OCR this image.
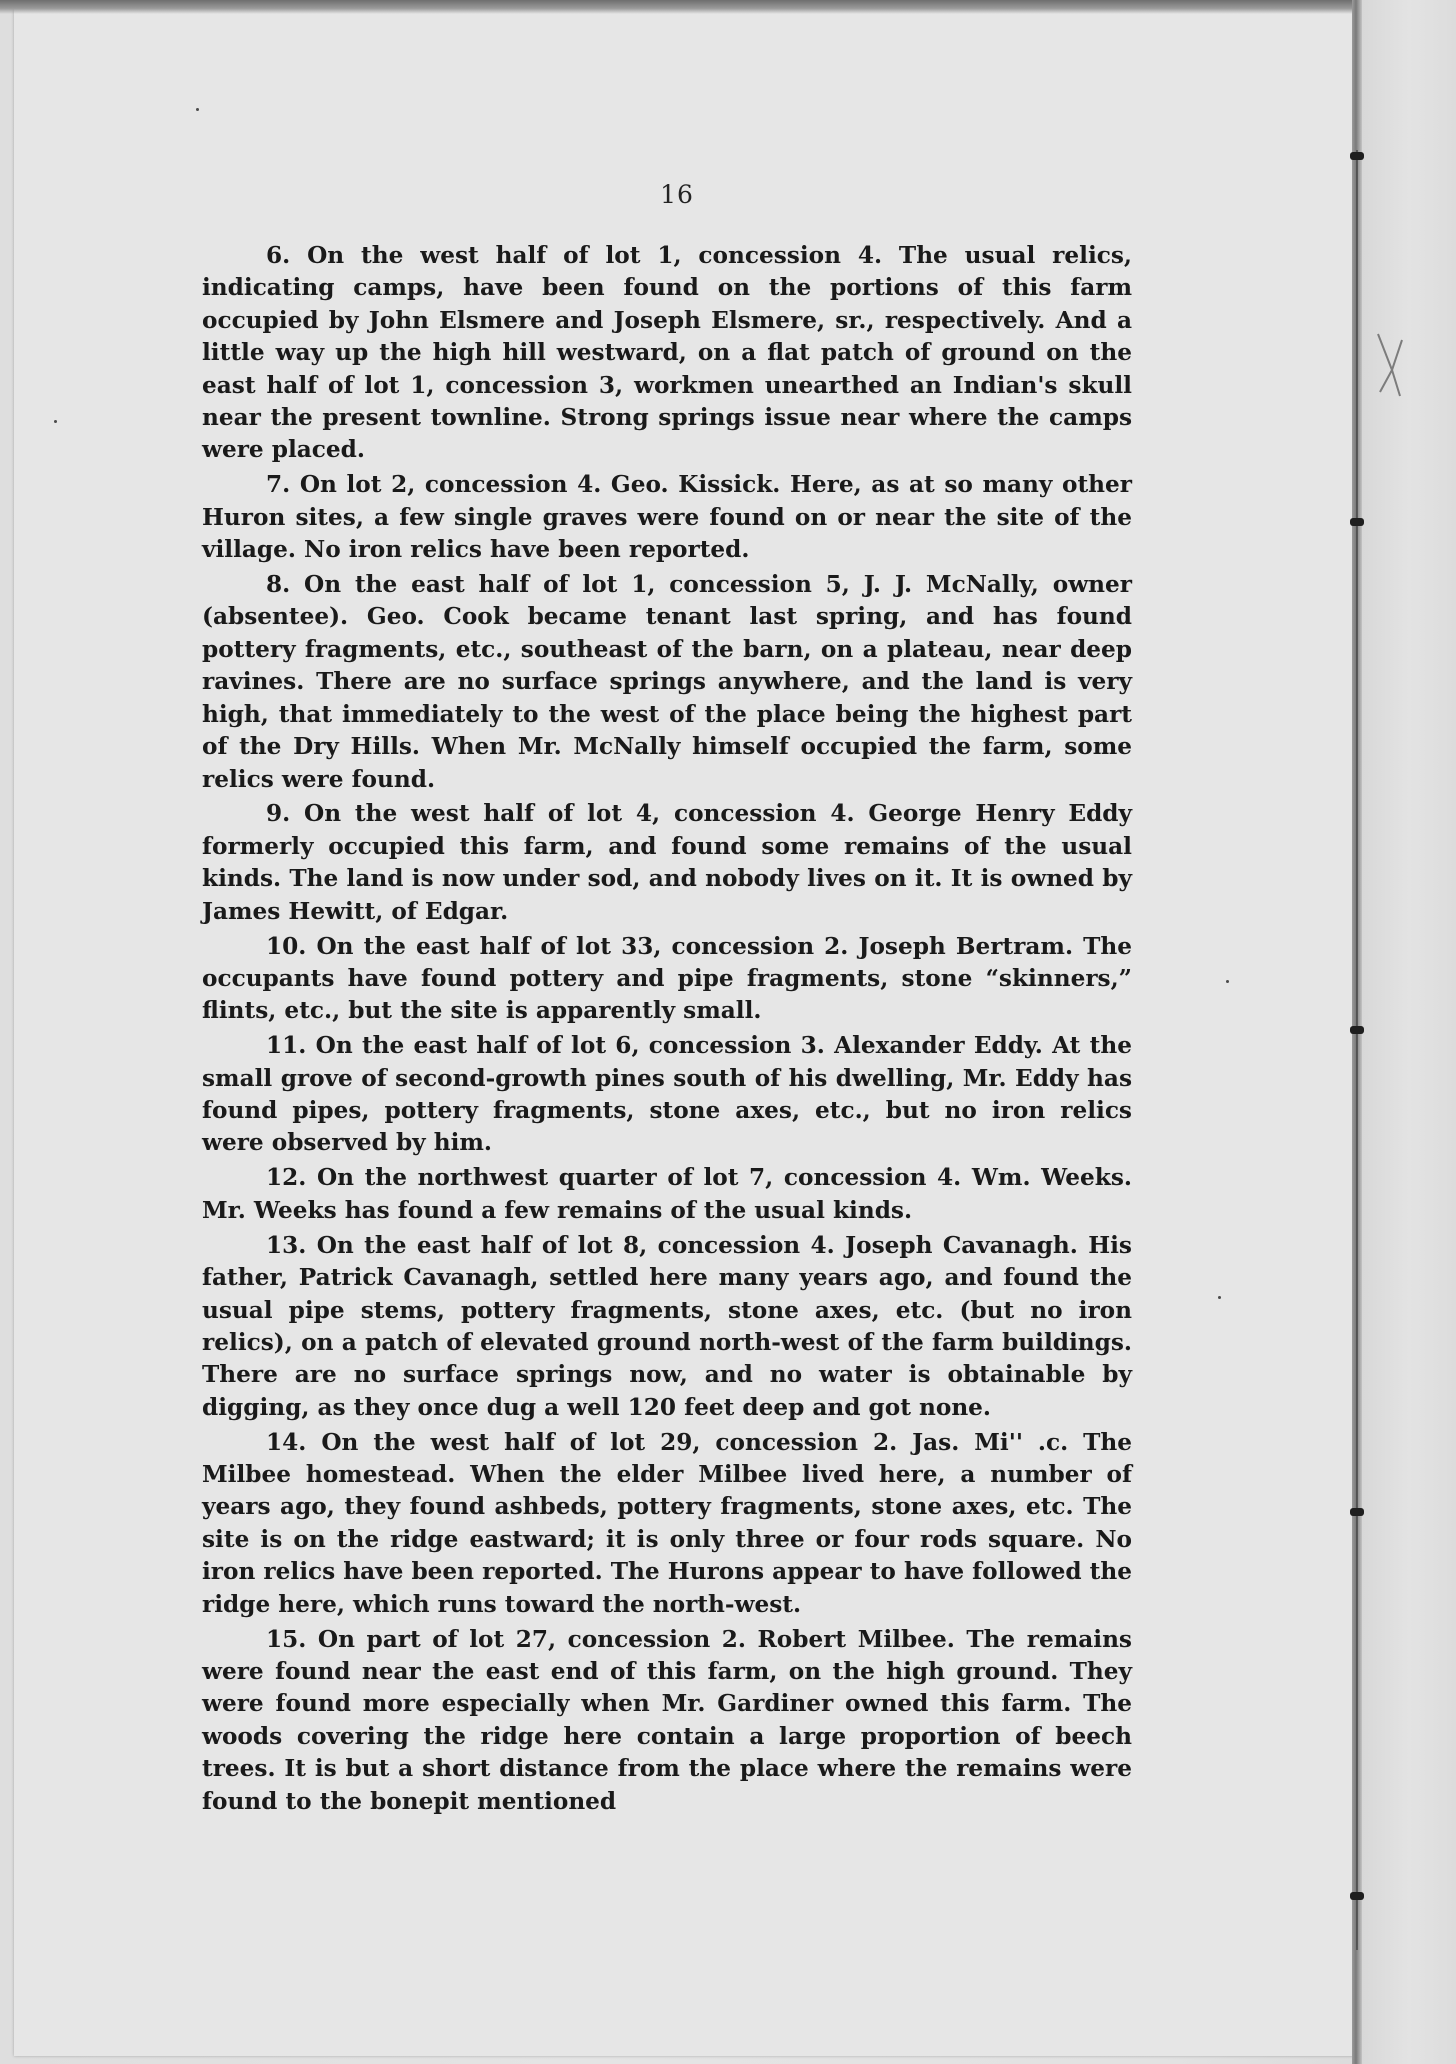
16

6. On the west half of lot 1, concession 4. The usual relics, indicating camps, have been found on the portions of this farm occupied by John Elsmere and Joseph Elsmere, sr., respectively. And a little way up the high hill westward, on a flat patch of ground on the east half of lot 1, concession 3, workmen unearthed an Indian's skull near the present townline. Strong springs issue near where the camps were placed.

7. On lot 2, concession 4. Geo. Kissick. Here, as at so many other Huron sites, a few single graves were found on or near the site of the village. No iron relics have been reported.

8. On the east half of lot 1, concession 5, J. J. McNally, owner (absentee). Geo. Cook became tenant last spring, and has found pottery fragments, etc., southeast of the barn, on a plateau, near deep ravines. There are no surface springs anywhere, and the land is very high, that immediately to the west of the place being the highest part of the Dry Hills. When Mr. McNally himself occupied the farm, some relics were found.

9. On the west half of lot 4, concession 4. George Henry Eddy formerly occupied this farm, and found some remains of the usual kinds. The land is now under sod, and nobody lives on it. It is owned by James Hewitt, of Edgar.

10. On the east half of lot 33, concession 2. Joseph Bertram. The occupants have found pottery and pipe fragments, stone “skinners,” flints, etc., but the site is apparently small.

11. On the east half of lot 6, concession 3. Alexander Eddy. At the small grove of second-growth pines south of his dwelling, Mr. Eddy has found pipes, pottery fragments, stone axes, etc., but no iron relics were observed by him.

12. On the northwest quarter of lot 7, concession 4. Wm. Weeks. Mr. Weeks has found a few remains of the usual kinds.

13. On the east half of lot 8, concession 4. Joseph Cavanagh. His father, Patrick Cavanagh, settled here many years ago, and found the usual pipe stems, pottery fragments, stone axes, etc. (but no iron relics), on a patch of elevated ground north-west of the farm buildings. There are no surface springs now, and no water is obtainable by digging, as they once dug a well 120 feet deep and got none.

14. On the west half of lot 29, concession 2. Jas. Mi'' .c. The Milbee homestead. When the elder Milbee lived here, a number of years ago, they found ashbeds, pottery fragments, stone axes, etc. The site is on the ridge eastward; it is only three or four rods square. No iron relics have been reported. The Hurons appear to have followed the ridge here, which runs toward the north-west.

15. On part of lot 27, concession 2. Robert Milbee. The remains were found near the east end of this farm, on the high ground. They were found more especially when Mr. Gardiner owned this farm. The woods covering the ridge here contain a large proportion of beech trees. It is but a short distance from the place where the remains were found to the bonepit mentioned
